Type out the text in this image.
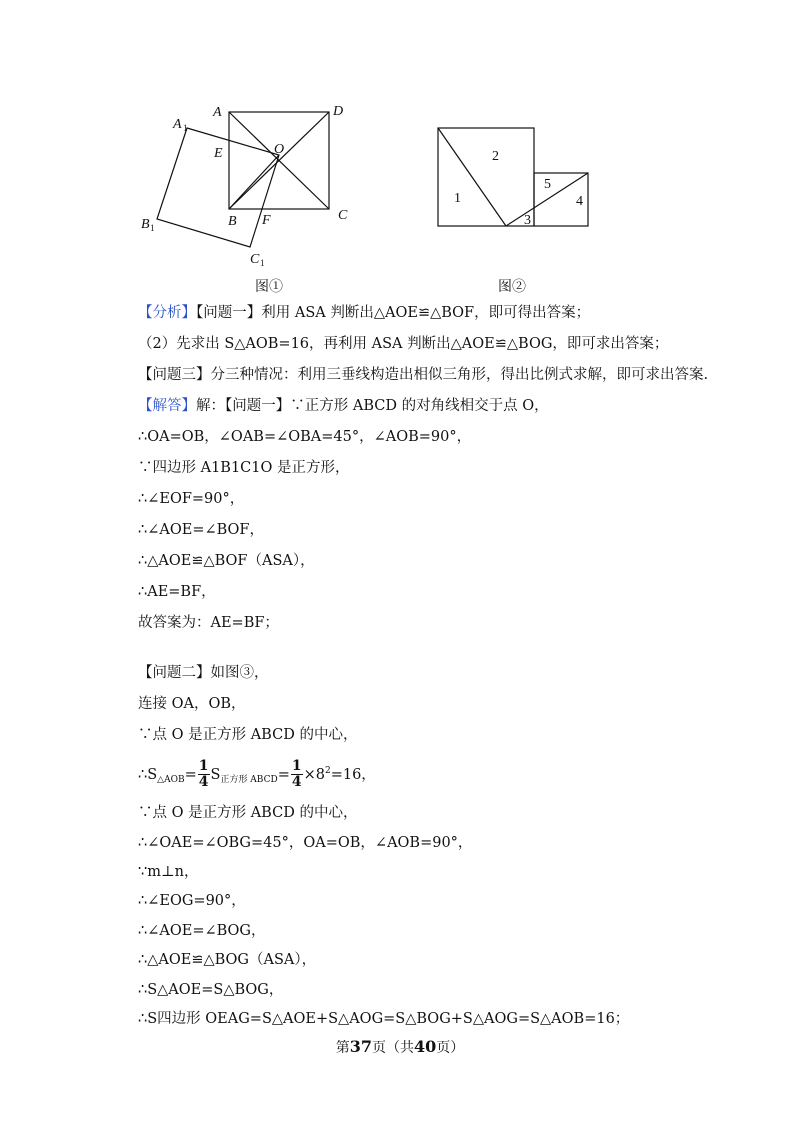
A	D
A 1
E	O
B 1	B F	C
C 1
图①
1
2
3
4
5
图②
【分析】【问题一】利用 ASA 判断出△AOE≌△BOF，即可得出答案；
（2）先求出 S△AOB=16，再利用 ASA 判断出△AOE≌△BOG，即可求出答案；
【问题三】分三种情况：利用三垂线构造出相似三角形，得出比例式求解，即可求出答案.
【解答】解：【问题一】∵正方形 ABCD 的对角线相交于点 O，
∴OA=OB，∠OAB=∠OBA=45°，∠AOB=90°，
∵四边形 A1B1C1O 是正方形，
∴∠EOF=90°，
∴∠AOE=∠BOF，
∴△AOE≌△BOF（ASA），
∴AE=BF，
故答案为：AE=BF；
【问题二】如图③，
连接 OA，OB，
∵点 O 是正方形 ABCD 的中心，
$\therefore S_{\triangle AOB}= \frac{1}{4} S_{正方形 ABCD}= \frac{1}{4} \times 8^2=16$，
∵点 O 是正方形 ABCD 的中心，
∴∠OAE=∠OBG=45°，OA=OB，∠AOB=90°，
∵m⊥n，
∴∠EOG=90°，
∴∠AOE=∠BOG，
∴△AOE≌△BOG（ASA），
∴S△AOE=S△BOG，
∴S四边形 OEAG=S△AOE+S△AOG=S△BOG+S△AOG=S△AOB=16；
第37页（共40页）
